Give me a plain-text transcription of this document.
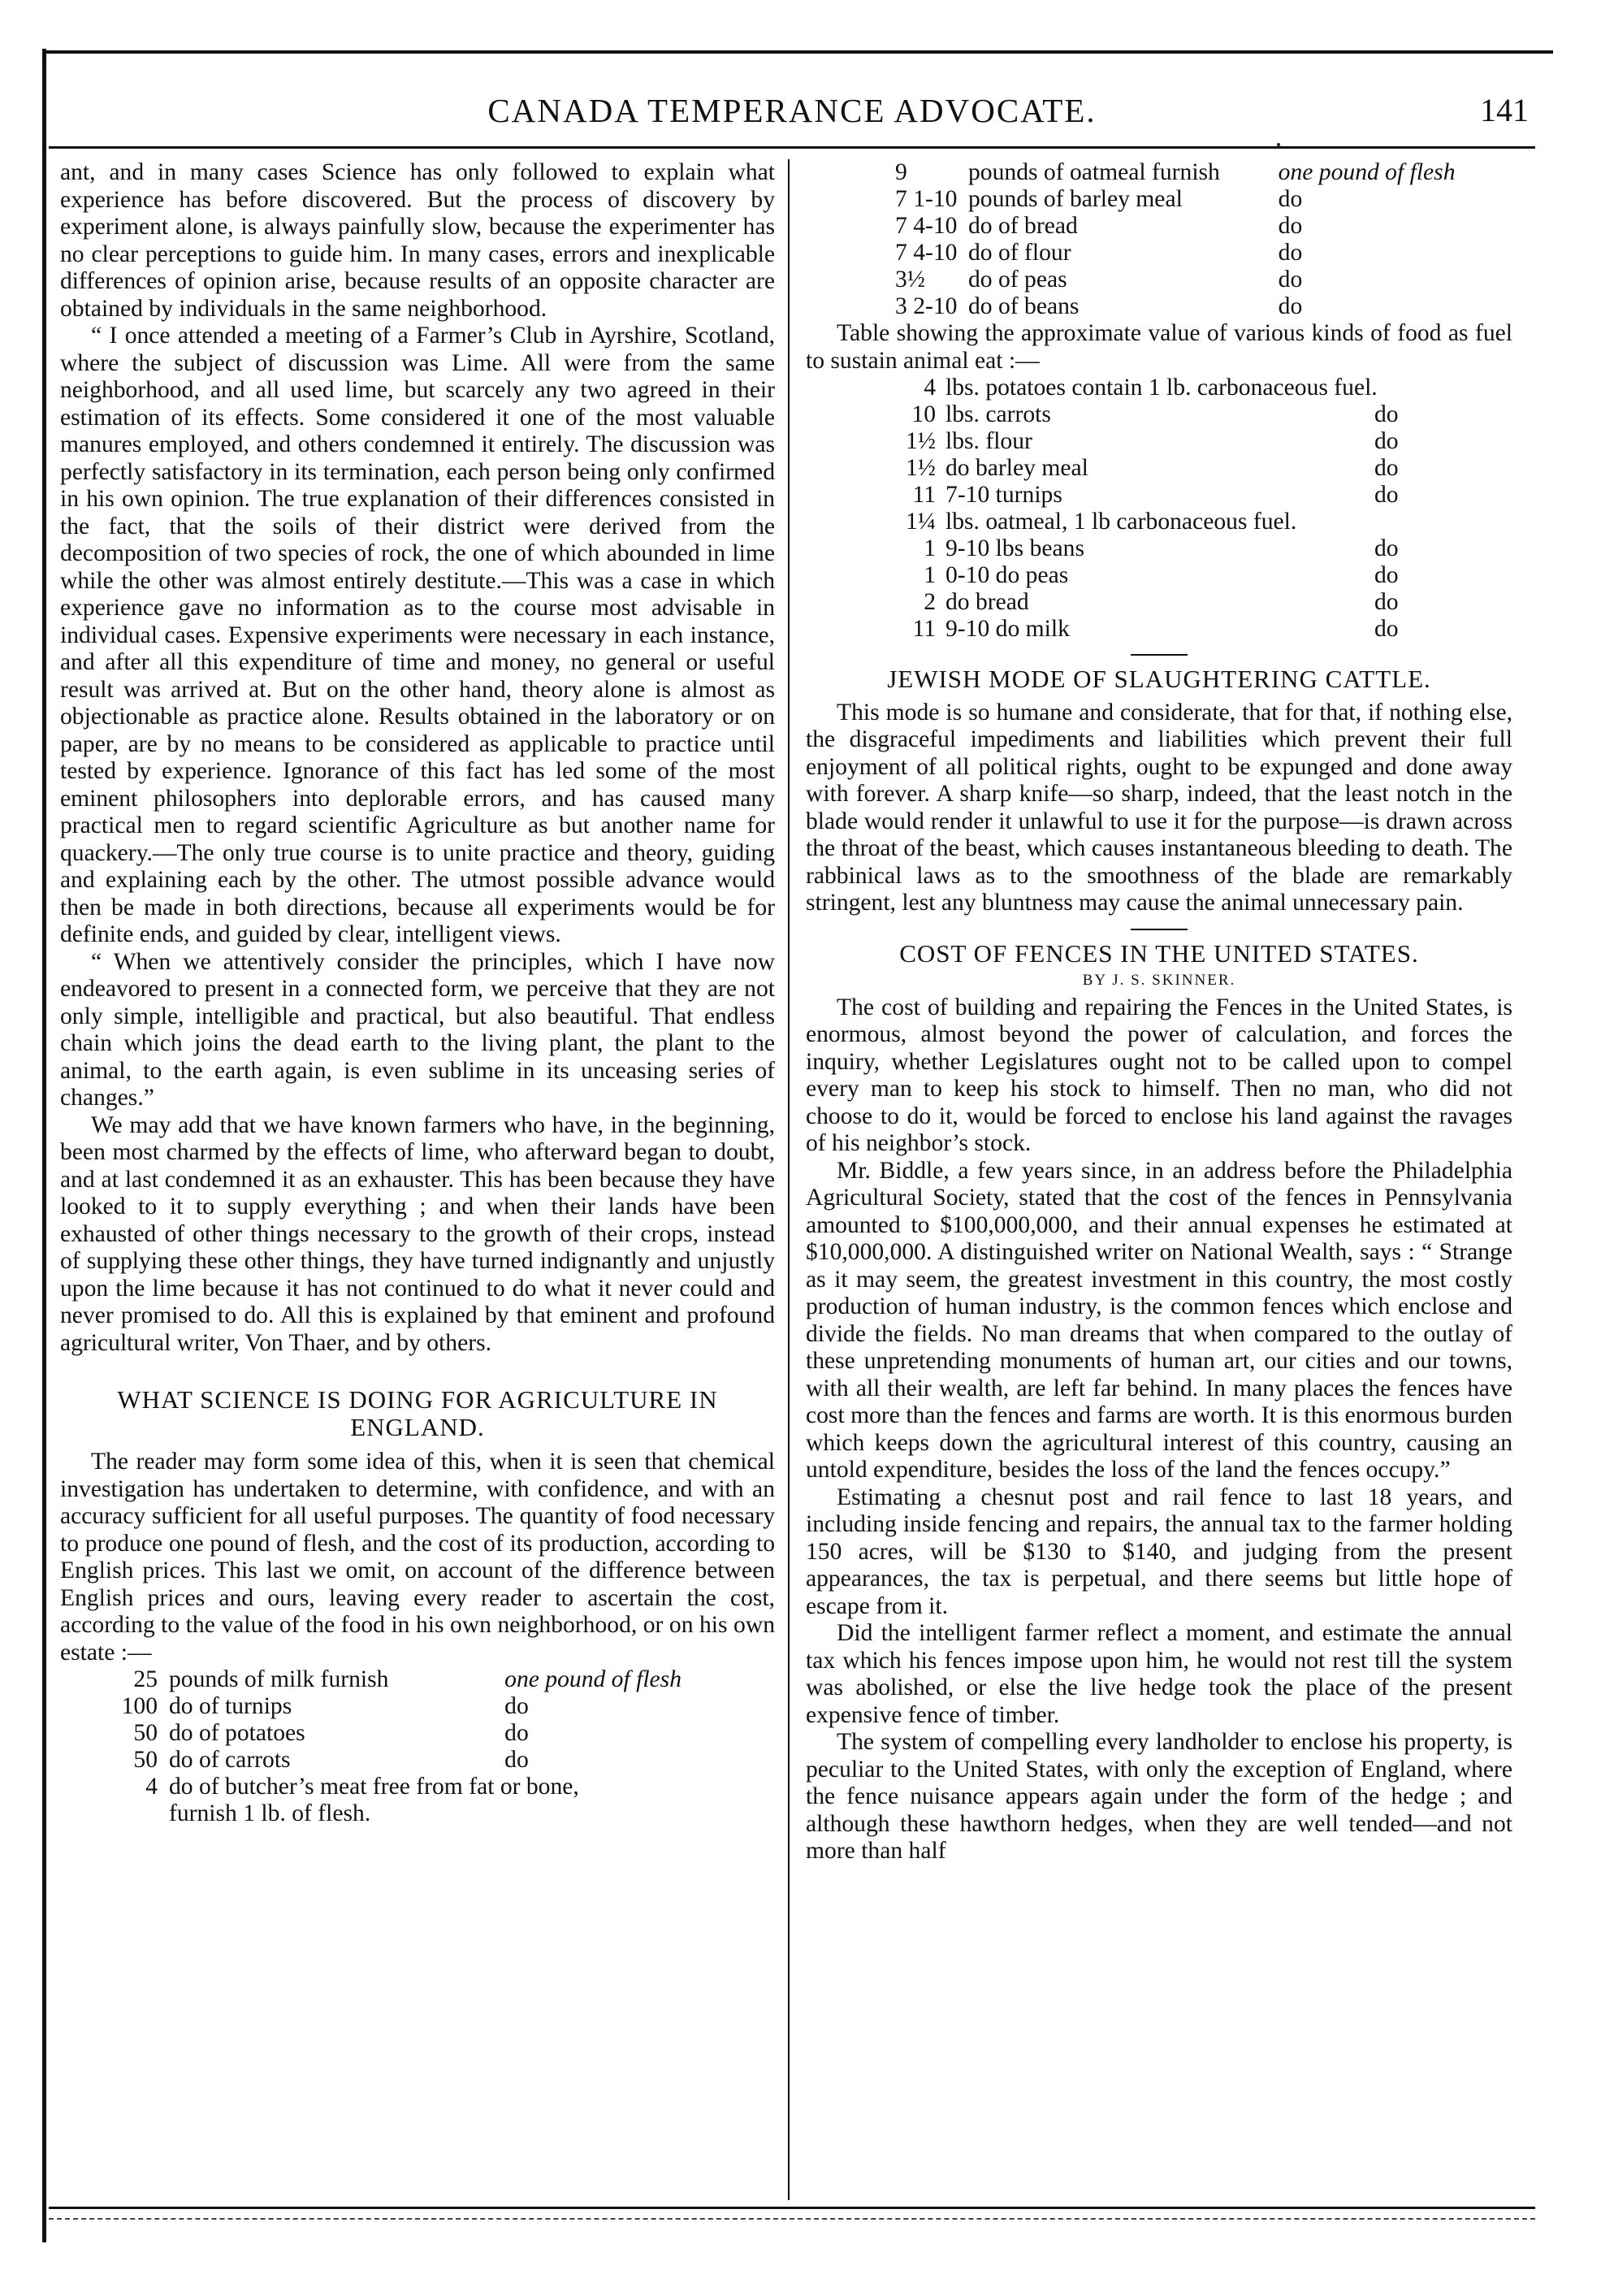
CANADA TEMPERANCE ADVOCATE.	141

ant, and in many cases Science has only followed to explain what experience has before discovered. But the process of discovery by experiment alone, is always painfully slow, because the experimenter has no clear perceptions to guide him. In many cases, errors and inexplicable differences of opinion arise, because results of an opposite character are obtained by individuals in the same neighborhood.

“ I once attended a meeting of a Farmer’s Club in Ayrshire, Scotland, where the subject of discussion was Lime. All were from the same neighborhood, and all used lime, but scarcely any two agreed in their estimation of its effects. Some considered it one of the most valuable manures employed, and others condemned it entirely. The discussion was perfectly satisfactory in its termination, each person being only confirmed in his own opinion. The true explanation of their differences consisted in the fact, that the soils of their district were derived from the decomposition of two species of rock, the one of which abounded in lime while the other was almost entirely destitute.—This was a case in which experience gave no information as to the course most advisable in individual cases. Expensive experiments were necessary in each instance, and after all this expenditure of time and money, no general or useful result was arrived at. But on the other hand, theory alone is almost as objectionable as practice alone. Results obtained in the laboratory or on paper, are by no means to be considered as applicable to practice until tested by experience. Ignorance of this fact has led some of the most eminent philosophers into deplorable errors, and has caused many practical men to regard scientific Agriculture as but another name for quackery.—The only true course is to unite practice and theory, guiding and explaining each by the other. The utmost possible advance would then be made in both directions, because all experiments would be for definite ends, and guided by clear, intelligent views.

“ When we attentively consider the principles, which I have now endeavored to present in a connected form, we perceive that they are not only simple, intelligible and practical, but also beautiful. That endless chain which joins the dead earth to the living plant, the plant to the animal, to the earth again, is even sublime in its unceasing series of changes.”

We may add that we have known farmers who have, in the beginning, been most charmed by the effects of lime, who afterward began to doubt, and at last condemned it as an exhauster. This has been because they have looked to it to supply everything ; and when their lands have been exhausted of other things necessary to the growth of their crops, instead of supplying these other things, they have turned indignantly and unjustly upon the lime because it has not continued to do what it never could and never promised to do. All this is explained by that eminent and profound agricultural writer, Von Thaer, and by others.

WHAT SCIENCE IS DOING FOR AGRICULTURE IN ENGLAND.

The reader may form some idea of this, when it is seen that chemical investigation has undertaken to determine, with confidence, and with an accuracy sufficient for all useful purposes. The quantity of food necessary to produce one pound of flesh, and the cost of its production, according to English prices. This last we omit, on account of the difference between English prices and ours, leaving every reader to ascertain the cost, according to the value of the food in his own neighborhood, or on his own estate :—

25	pounds of milk furnish	one pound of flesh
100	do of turnips	do
50	do of potatoes	do
50	do of carrots	do
4	do of butcher’s meat free from fat or bone,	
	furnish 1 lb. of flesh.	
9	pounds of oatmeal furnish	one pound of flesh
7 1-10	pounds of barley meal	do
7 4-10	do of bread	do
7 4-10	do of flour	do
3½	do of peas	do
3 2-10	do of beans	do

Table showing the approximate value of various kinds of food as fuel to sustain animal eat :—

4	lbs. potatoes contain 1 lb. carbonaceous fuel.	
10	lbs. carrots	do
1½	lbs. flour	do
1½	do barley meal	do
11	7-10 turnips	do
1¼	lbs. oatmeal, 1 lb carbonaceous fuel.	
1	9-10 lbs beans	do
1	0-10 do peas	do
2	do bread	do
11	9-10 do milk	do

JEWISH MODE OF SLAUGHTERING CATTLE.

This mode is so humane and considerate, that for that, if nothing else, the disgraceful impediments and liabilities which prevent their full enjoyment of all political rights, ought to be expunged and done away with forever. A sharp knife—so sharp, indeed, that the least notch in the blade would render it unlawful to use it for the purpose—is drawn across the throat of the beast, which causes instantaneous bleeding to death. The rabbinical laws as to the smoothness of the blade are remarkably stringent, lest any bluntness may cause the animal unnecessary pain.

COST OF FENCES IN THE UNITED STATES.

BY J. S. SKINNER.

The cost of building and repairing the Fences in the United States, is enormous, almost beyond the power of calculation, and forces the inquiry, whether Legislatures ought not to be called upon to compel every man to keep his stock to himself. Then no man, who did not choose to do it, would be forced to enclose his land against the ravages of his neighbor’s stock.

Mr. Biddle, a few years since, in an address before the Philadelphia Agricultural Society, stated that the cost of the fences in Pennsylvania amounted to $100,000,000, and their annual expenses he estimated at $10,000,000. A distinguished writer on National Wealth, says : “ Strange as it may seem, the greatest investment in this country, the most costly production of human industry, is the common fences which enclose and divide the fields. No man dreams that when compared to the outlay of these unpretending monuments of human art, our cities and our towns, with all their wealth, are left far behind. In many places the fences have cost more than the fences and farms are worth. It is this enormous burden which keeps down the agricultural interest of this country, causing an untold expenditure, besides the loss of the land the fences occupy.”

Estimating a chesnut post and rail fence to last 18 years, and including inside fencing and repairs, the annual tax to the farmer holding 150 acres, will be $130 to $140, and judging from the present appearances, the tax is perpetual, and there seems but little hope of escape from it.

Did the intelligent farmer reflect a moment, and estimate the annual tax which his fences impose upon him, he would not rest till the system was abolished, or else the live hedge took the place of the present expensive fence of timber.

The system of compelling every landholder to enclose his property, is peculiar to the United States, with only the exception of England, where the fence nuisance appears again under the form of the hedge ; and although these hawthorn hedges, when they are well tended—and not more than half
